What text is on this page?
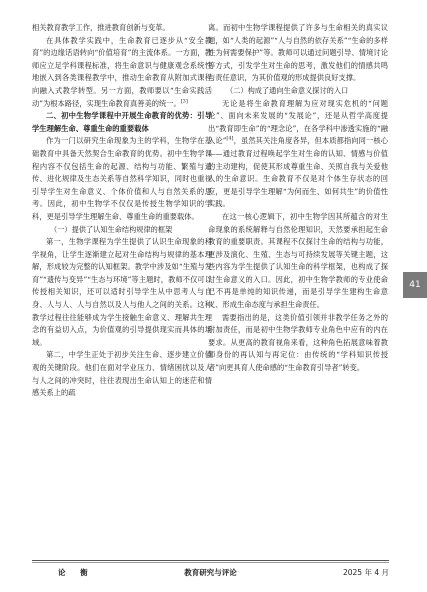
相关教育教学工作，推进教育创新与变革。

在具体教学实践中，生命教育已逐步从“安全教育”的边缘话语转向“价值培育”的主流体系。一方面，教师应立足学科课程标准，将生命意识与健康观念系统性地嵌入到各类课程教学中，推动生命教育从附加式课程向融入式教学转型。另一方面，教师要以“生命实践活动”为根本路径，实现生命教育真善美的统一。[3]

二、初中生物学课程中开展生命教育的优势：引导学生理解生命、尊重生命的重要载体

作为一门以研究生命现象为主的学科，生物学在基础教育中具备天然契合生命教育的优势。初中生物学课程内容不仅包括生命的起源、结构与功能、繁殖与遗传、进化规律及生态关系等自然科学知识，同时也重视引导学生对生命意义、个体价值和人与自然关系的思考。因此，初中生物学不仅仅是传授生物学知识的学科，更是引导学生理解生命、尊重生命的重要载体。

（一）提供了认知生命结构规律的框架

第一，生物学课程为学生提供了认识生命现象的科学视角，让学生逐渐建立起对生命结构与规律的基本理解，形成较为完整的认知框架。教学中涉及如“生殖与发育”“遗传与变异”“生态与环境”等主题时，教师不仅可以传授相关知识，还可以适时引导学生从中思考人与自身、人与人、人与自然以及人与他人之间的关系。这种教学过程往往能够成为学生接触生命意义、理解共生理念的有益切入点，为价值观的引导提供现实而具体的场域。

第二，中学生正处于初步关注生命、逐步建立价值观的关键阶段。他们在面对学业压力、情绪困扰以及人与人之间的冲突时，往往表现出生命认知上的迷茫和情感关系上的疏

离。而初中生物学课程提供了许多与生命相关的真实议题，如“人类的起源”“人与自然的依存关系”“生命的多样性为何需要保护”等。教师可以通过问题引导、情境讨论等方式，引发学生对生命的思考，激发他们的情感共鸣与责任意识，为其价值观的形成提供良好支撑。

（二）构成了通向生命意义探讨的入口

无论是将生命教育理解为应对现实危机的“问题论”、面向未来发展的“发展论”，还是从哲学高度提出“教育即生命”的“理念论”，在各学科中渗透实施的“融入论”[4]，虽然其关注角度各异，但本质都指向同一核心——通过教育过程唤起学生对生命的认知、情感与价值的主动建构，促使其形成尊重生命、关照自我与关爱他人的生命意识。生命教育不仅是对个体生存状态的回应，更是引导学生理解“为何而生、如何共生”的价值性实践。

在这一核心逻辑下，初中生物学因其所蕴含的对生命现象的系统解释与自然伦理知识，天然要承担起生命教育的重要职责。其课程不仅探讨生命的结构与功能，更涉及演化、生殖、生态与可持续发展等关键主题，这些内容为学生提供了认知生命的科学框架，也构成了探讨生命意义的入口。因此，初中生物学教师的专业使命已不再是单纯的知识传递，而是引导学生建构生命意义、形成生命态度与承担生命责任。

需要指出的是，这类价值引领并非教学任务之外的附加责任，而是初中生物学教师专业角色中应有的内在要求。从更高的教育视角来看，这种角色拓展意味着教师身份的再认知与再定位：由传统的“学科知识传授者”向更具育人使命感的“生命教育引导者”转变。

41
论 衡	教育研究与评论	2025 年 4 月
